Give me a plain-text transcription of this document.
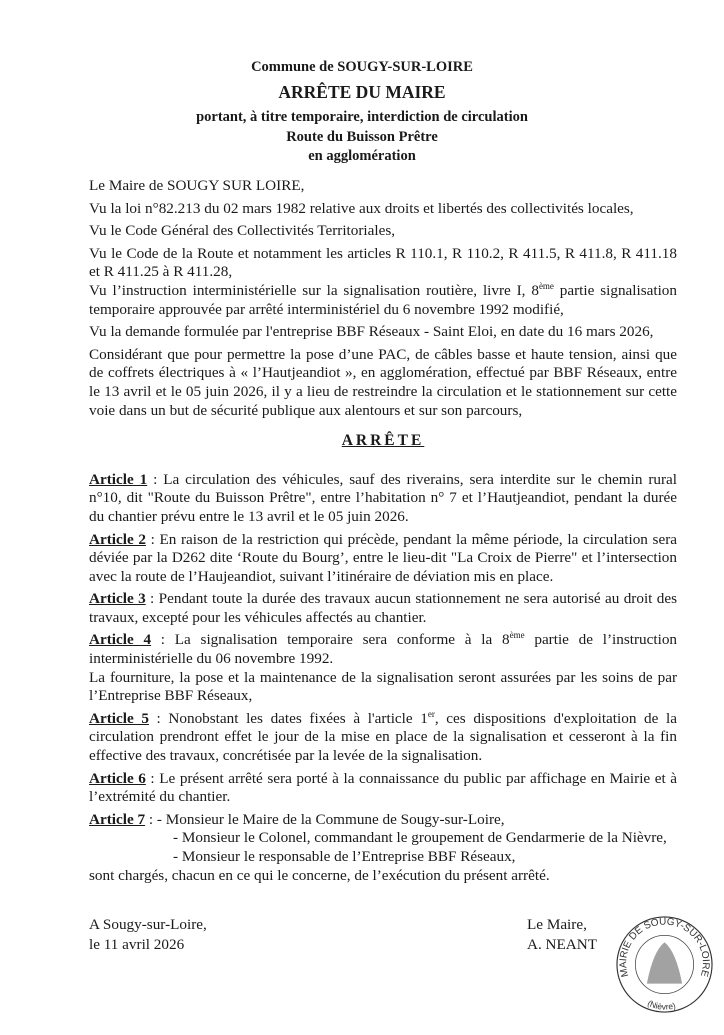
Commune de SOUGY-SUR-LOIRE
ARRÊTE DU MAIRE
portant, à titre temporaire, interdiction de circulation
Route du Buisson Prêtre
en agglomération

Le Maire de SOUGY SUR LOIRE,

Vu la loi n°82.213 du 02 mars 1982 relative aux droits et libertés des collectivités locales,

Vu le Code Général des Collectivités Territoriales,

Vu le Code de la Route et notamment les articles R 110.1, R 110.2, R 411.5, R 411.8, R 411.18 et R 411.25 à R 411.28,

Vu l’instruction interministérielle sur la signalisation routière, livre I, 8ème partie signalisation temporaire approuvée par arrêté interministériel du 6 novembre 1992 modifié,

Vu la demande formulée par l'entreprise BBF Réseaux - Saint Eloi, en date du 16 mars 2026,

Considérant que pour permettre la pose d’une PAC, de câbles basse et haute tension, ainsi que de coffrets électriques à « l’Hautjeandiot », en agglomération, effectué par BBF Réseaux, entre le 13 avril et le 05 juin 2026, il y a lieu de restreindre la circulation et le stationnement sur cette voie dans un but de sécurité publique aux alentours et sur son parcours,

ARRÊTE

Article 1 : La circulation des véhicules, sauf des riverains, sera interdite sur le chemin rural n°10, dit "Route du Buisson Prêtre", entre l’habitation n° 7 et l’Hautjeandiot, pendant la durée du chantier prévu entre le 13 avril et le 05 juin 2026.

Article 2 : En raison de la restriction qui précède, pendant la même période, la circulation sera déviée par la D262 dite ‘Route du Bourg’, entre le lieu-dit "La Croix de Pierre" et l’intersection avec la route de l’Haujeandiot, suivant l’itinéraire de déviation mis en place.

Article 3 : Pendant toute la durée des travaux aucun stationnement ne sera autorisé au droit des travaux, excepté pour les véhicules affectés au chantier.

Article 4 : La signalisation temporaire sera conforme à la 8ème partie de l’instruction interministérielle du 06 novembre 1992.

La fourniture, la pose et la maintenance de la signalisation seront assurées par les soins de par l’Entreprise BBF Réseaux,

Article 5 : Nonobstant les dates fixées à l'article 1er, ces dispositions d'exploitation de la circulation prendront effet le jour de la mise en place de la signalisation et cesseront à la fin effective des travaux, concrétisée par la levée de la signalisation.

Article 6 : Le présent arrêté sera porté à la connaissance du public par affichage en Mairie et à l’extrémité du chantier.

Article 7 : - Monsieur le Maire de la Commune de Sougy-sur-Loire,
- Monsieur le Colonel, commandant le groupement de Gendarmerie de la Nièvre,
- Monsieur le responsable de l’Entreprise BBF Réseaux,
sont chargés, chacun en ce qui le concerne, de l’exécution du présent arrêté.
A Sougy-sur-Loire,
le 11 avril 2026
Le Maire,
A. NEANT
MAIRIE DE SOUGY-SUR-LOIRE
(Nièvre)
